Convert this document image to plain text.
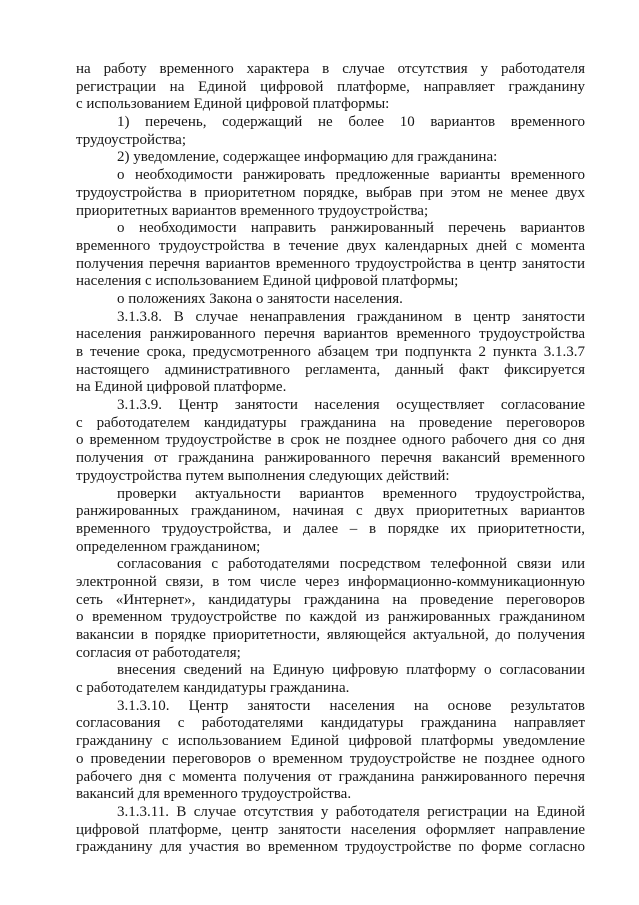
на работу временного характера в случае отсутствия у работодателя
регистрации на Единой цифровой платформе, направляет гражданину
с использованием Единой цифровой платформы:
1) перечень, содержащий не более 10 вариантов временного
трудоустройства;
2) уведомление, содержащее информацию для гражданина:
о необходимости ранжировать предложенные варианты временного
трудоустройства в приоритетном порядке, выбрав при этом не менее двух
приоритетных вариантов временного трудоустройства;
о необходимости направить ранжированный перечень вариантов
временного трудоустройства в течение двух календарных дней с момента
получения перечня вариантов временного трудоустройства в центр занятости
населения с использованием Единой цифровой платформы;
о положениях Закона о занятости населения.
3.1.3.8. В случае ненаправления гражданином в центр занятости
населения ранжированного перечня вариантов временного трудоустройства
в течение срока, предусмотренного абзацем три подпункта 2 пункта 3.1.3.7
настоящего административного регламента, данный факт фиксируется
на Единой цифровой платформе.
3.1.3.9. Центр занятости населения осуществляет согласование
с работодателем кандидатуры гражданина на проведение переговоров
о временном трудоустройстве в срок не позднее одного рабочего дня со дня
получения от гражданина ранжированного перечня вакансий временного
трудоустройства путем выполнения следующих действий:
проверки актуальности вариантов временного трудоустройства,
ранжированных гражданином, начиная с двух приоритетных вариантов
временного трудоустройства, и далее – в порядке их приоритетности,
определенном гражданином;
согласования с работодателями посредством телефонной связи или
электронной связи, в том числе через информационно-коммуникационную
сеть «Интернет», кандидатуры гражданина на проведение переговоров
о временном трудоустройстве по каждой из ранжированных гражданином
вакансии в порядке приоритетности, являющейся актуальной, до получения
согласия от работодателя;
внесения сведений на Единую цифровую платформу о согласовании
с работодателем кандидатуры гражданина.
3.1.3.10. Центр занятости населения на основе результатов
согласования с работодателями кандидатуры гражданина направляет
гражданину с использованием Единой цифровой платформы уведомление
о проведении переговоров о временном трудоустройстве не позднее одного
рабочего дня с момента получения от гражданина ранжированного перечня
вакансий для временного трудоустройства.
3.1.3.11. В случае отсутствия у работодателя регистрации на Единой
цифровой платформе, центр занятости населения оформляет направление
гражданину для участия во временном трудоустройстве по форме согласно
